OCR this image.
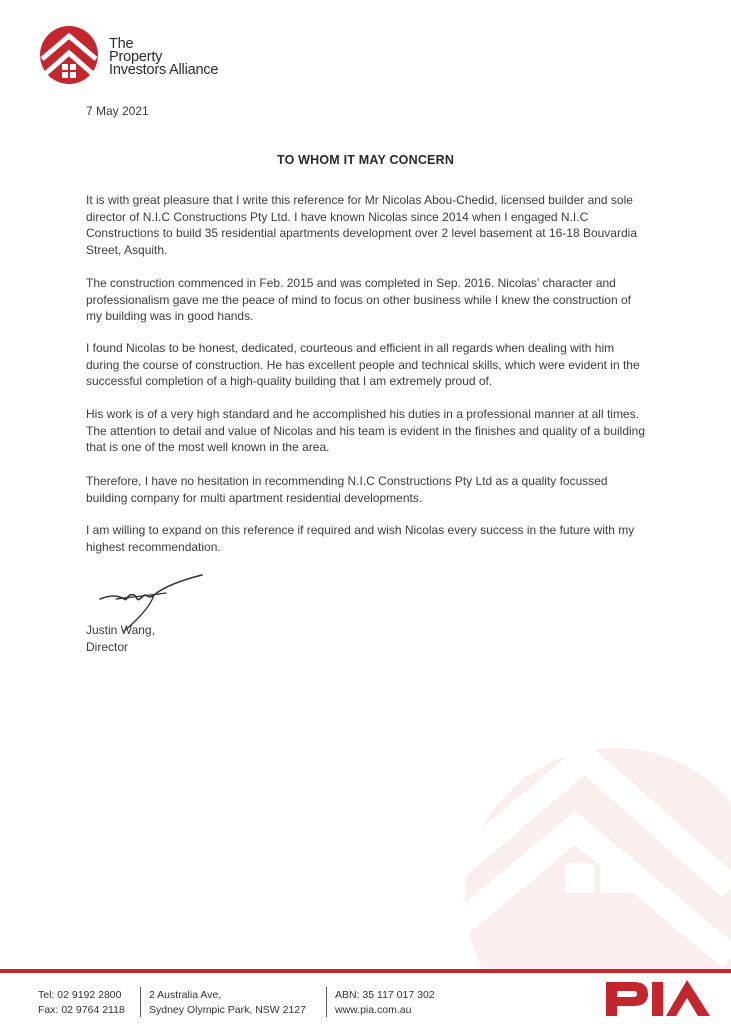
The
Property
Investors Alliance
7 May 2021
TO WHOM IT MAY CONCERN

It is with great pleasure that I write this reference for Mr Nicolas Abou-Chedid, licensed builder and sole director of N.I.C Constructions Pty Ltd. I have known Nicolas since 2014 when I engaged N.I.C Constructions to build 35 residential apartments development over 2 level basement at 16-18 Bouvardia Street, Asquith.

The construction commenced in Feb. 2015 and was completed in Sep. 2016. Nicolas’ character and professionalism gave me the peace of mind to focus on other business while I knew the construction of my building was in good hands.

I found Nicolas to be honest, dedicated, courteous and efficient in all regards when dealing with him during the course of construction. He has excellent people and technical skills, which were evident in the successful completion of a high-quality building that I am extremely proud of.

His work is of a very high standard and he accomplished his duties in a professional manner at all times. The attention to detail and value of Nicolas and his team is evident in the finishes and quality of a building that is one of the most well known in the area.

Therefore, I have no hesitation in recommending N.I.C Constructions Pty Ltd as a quality focussed building company for multi apartment residential developments.

I am willing to expand on this reference if required and wish Nicolas every success in the future with my highest recommendation.

Justin Wang,
Director
Tel: 02 9192 2800
Fax: 02 9764 2118
2 Australia Ave,
Sydney Olympic Park, NSW 2127
ABN: 35 117 017 302
www.pia.com.au
